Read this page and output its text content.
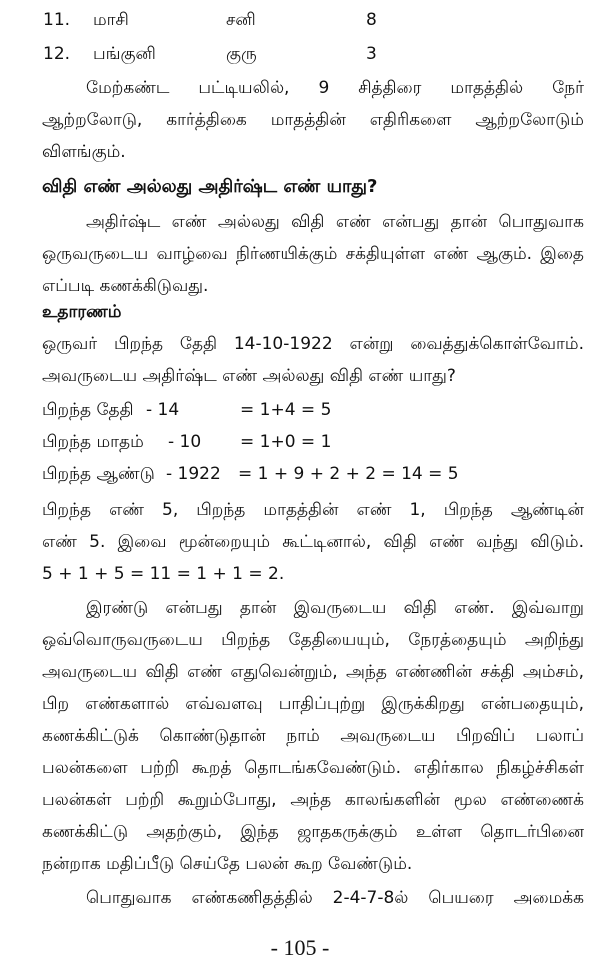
11. மாசி	சனி	8
12. பங்குனி	குரு	3
மேற்கண்ட பட்டியலில், 9 சித்திரை மாதத்தில் நேர்
ஆற்றலோடு, கார்த்திகை மாதத்தின் எதிரிகளை ஆற்றலோடும்
விளங்கும்.
விதி எண் அல்லது அதிர்ஷ்ட எண் யாது?
அதிர்ஷ்ட எண் அல்லது விதி எண் என்பது தான் பொதுவாக
ஒருவருடைய வாழ்வை நிர்ணயிக்கும் சக்தியுள்ள எண் ஆகும். இதை
எப்படி கணக்கிடுவது.
உதாரணம்
ஒருவர் பிறந்த தேதி 14-10-1922 என்று வைத்துக்கொள்வோம்.
அவருடைய அதிர்ஷ்ட எண் அல்லது விதி எண் யாது?
பிறந்த தேதி - 14	= 1+4 = 5
பிறந்த மாதம் - 10 = 1+0 = 1
பிறந்த ஆண்டு - 1922 = 1 + 9 + 2 + 2 = 14 = 5
பிறந்த எண் 5, பிறந்த மாதத்தின் எண் 1, பிறந்த ஆண்டின்
எண் 5. இவை மூன்றையும் கூட்டினால், விதி எண் வந்து விடும்.
5 + 1 + 5 = 11 = 1 + 1 = 2.
இரண்டு என்பது தான் இவருடைய விதி எண். இவ்வாறு
ஒவ்வொருவருடைய பிறந்த தேதியையும், நேரத்தையும் அறிந்து
அவருடைய விதி எண் எதுவென்றும், அந்த எண்ணின் சக்தி அம்சம்,
பிற எண்களால் எவ்வளவு பாதிப்புற்று இருக்கிறது என்பதையும்,
கணக்கிட்டுக் கொண்டுதான் நாம் அவருடைய பிறவிப் பலாப்
பலன்களை பற்றி கூறத் தொடங்கவேண்டும். எதிர்கால நிகழ்ச்சிகள்
பலன்கள் பற்றி கூறும்போது, அந்த காலங்களின் மூல எண்ணைக்
கணக்கிட்டு அதற்கும், இந்த ஜாதகருக்கும் உள்ள தொடர்பினை
நன்றாக மதிப்பீடு செய்தே பலன் கூற வேண்டும்.
பொதுவாக எண்கணிதத்தில் 2-4-7-8ல் பெயரை அமைக்க
- 105 -
